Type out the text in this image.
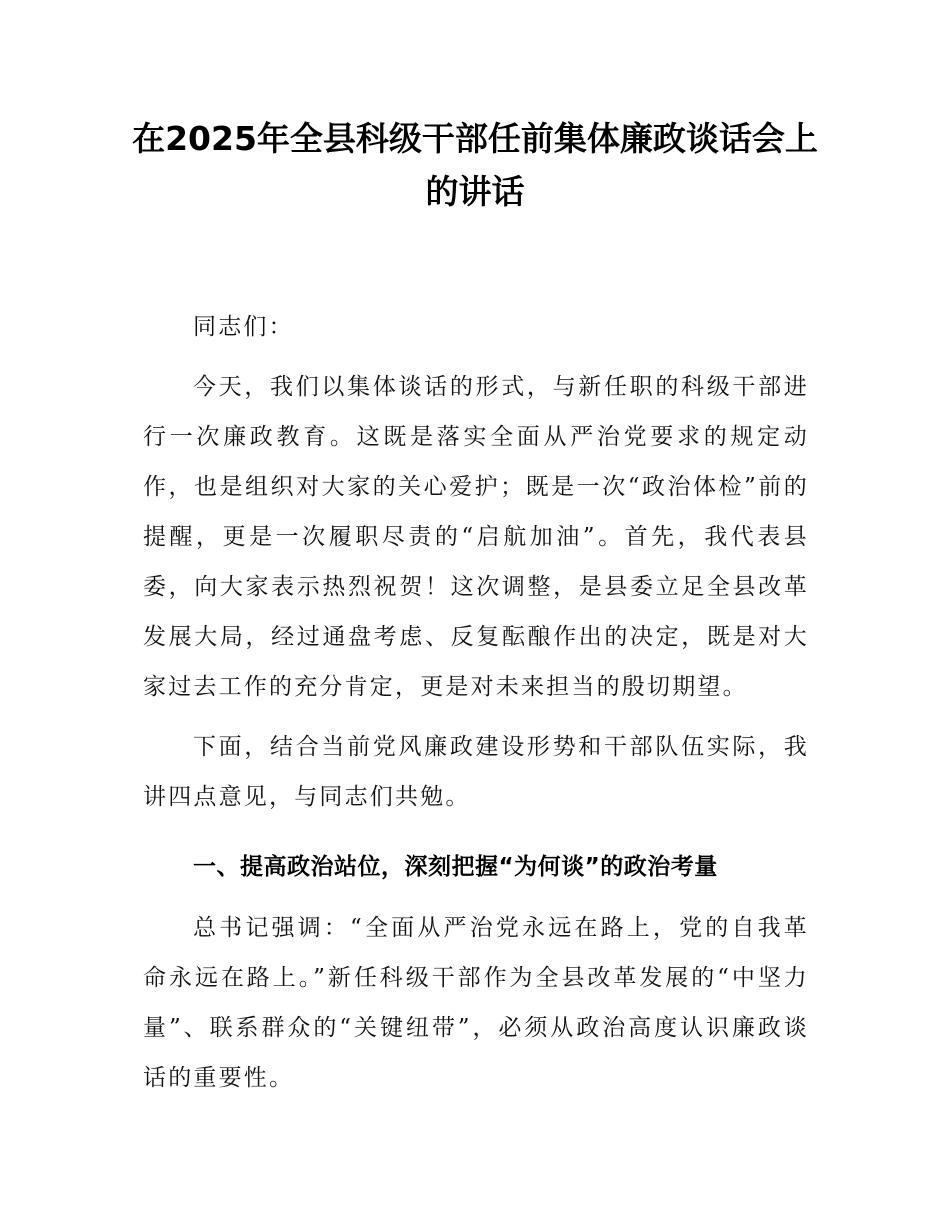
在2025年全县科级干部任前集体廉政谈话会上的讲话

同志们：

今天，我们以集体谈话的形式，与新任职的科级干部进行一次廉政教育。这既是落实全面从严治党要求的规定动作，也是组织对大家的关心爱护；既是一次“政治体检”前的提醒，更是一次履职尽责的“启航加油”。首先，我代表县委，向大家表示热烈祝贺！这次调整，是县委立足全县改革发展大局，经过通盘考虑、反复酝酿作出的决定，既是对大家过去工作的充分肯定，更是对未来担当的殷切期望。

下面，结合当前党风廉政建设形势和干部队伍实际，我讲四点意见，与同志们共勉。

一、提高政治站位，深刻把握“为何谈”的政治考量

总书记强调：“全面从严治党永远在路上，党的自我革命永远在路上。”新任科级干部作为全县改革发展的“中坚力量”、联系群众的“关键纽带”，必须从政治高度认识廉政谈话的重要性。
